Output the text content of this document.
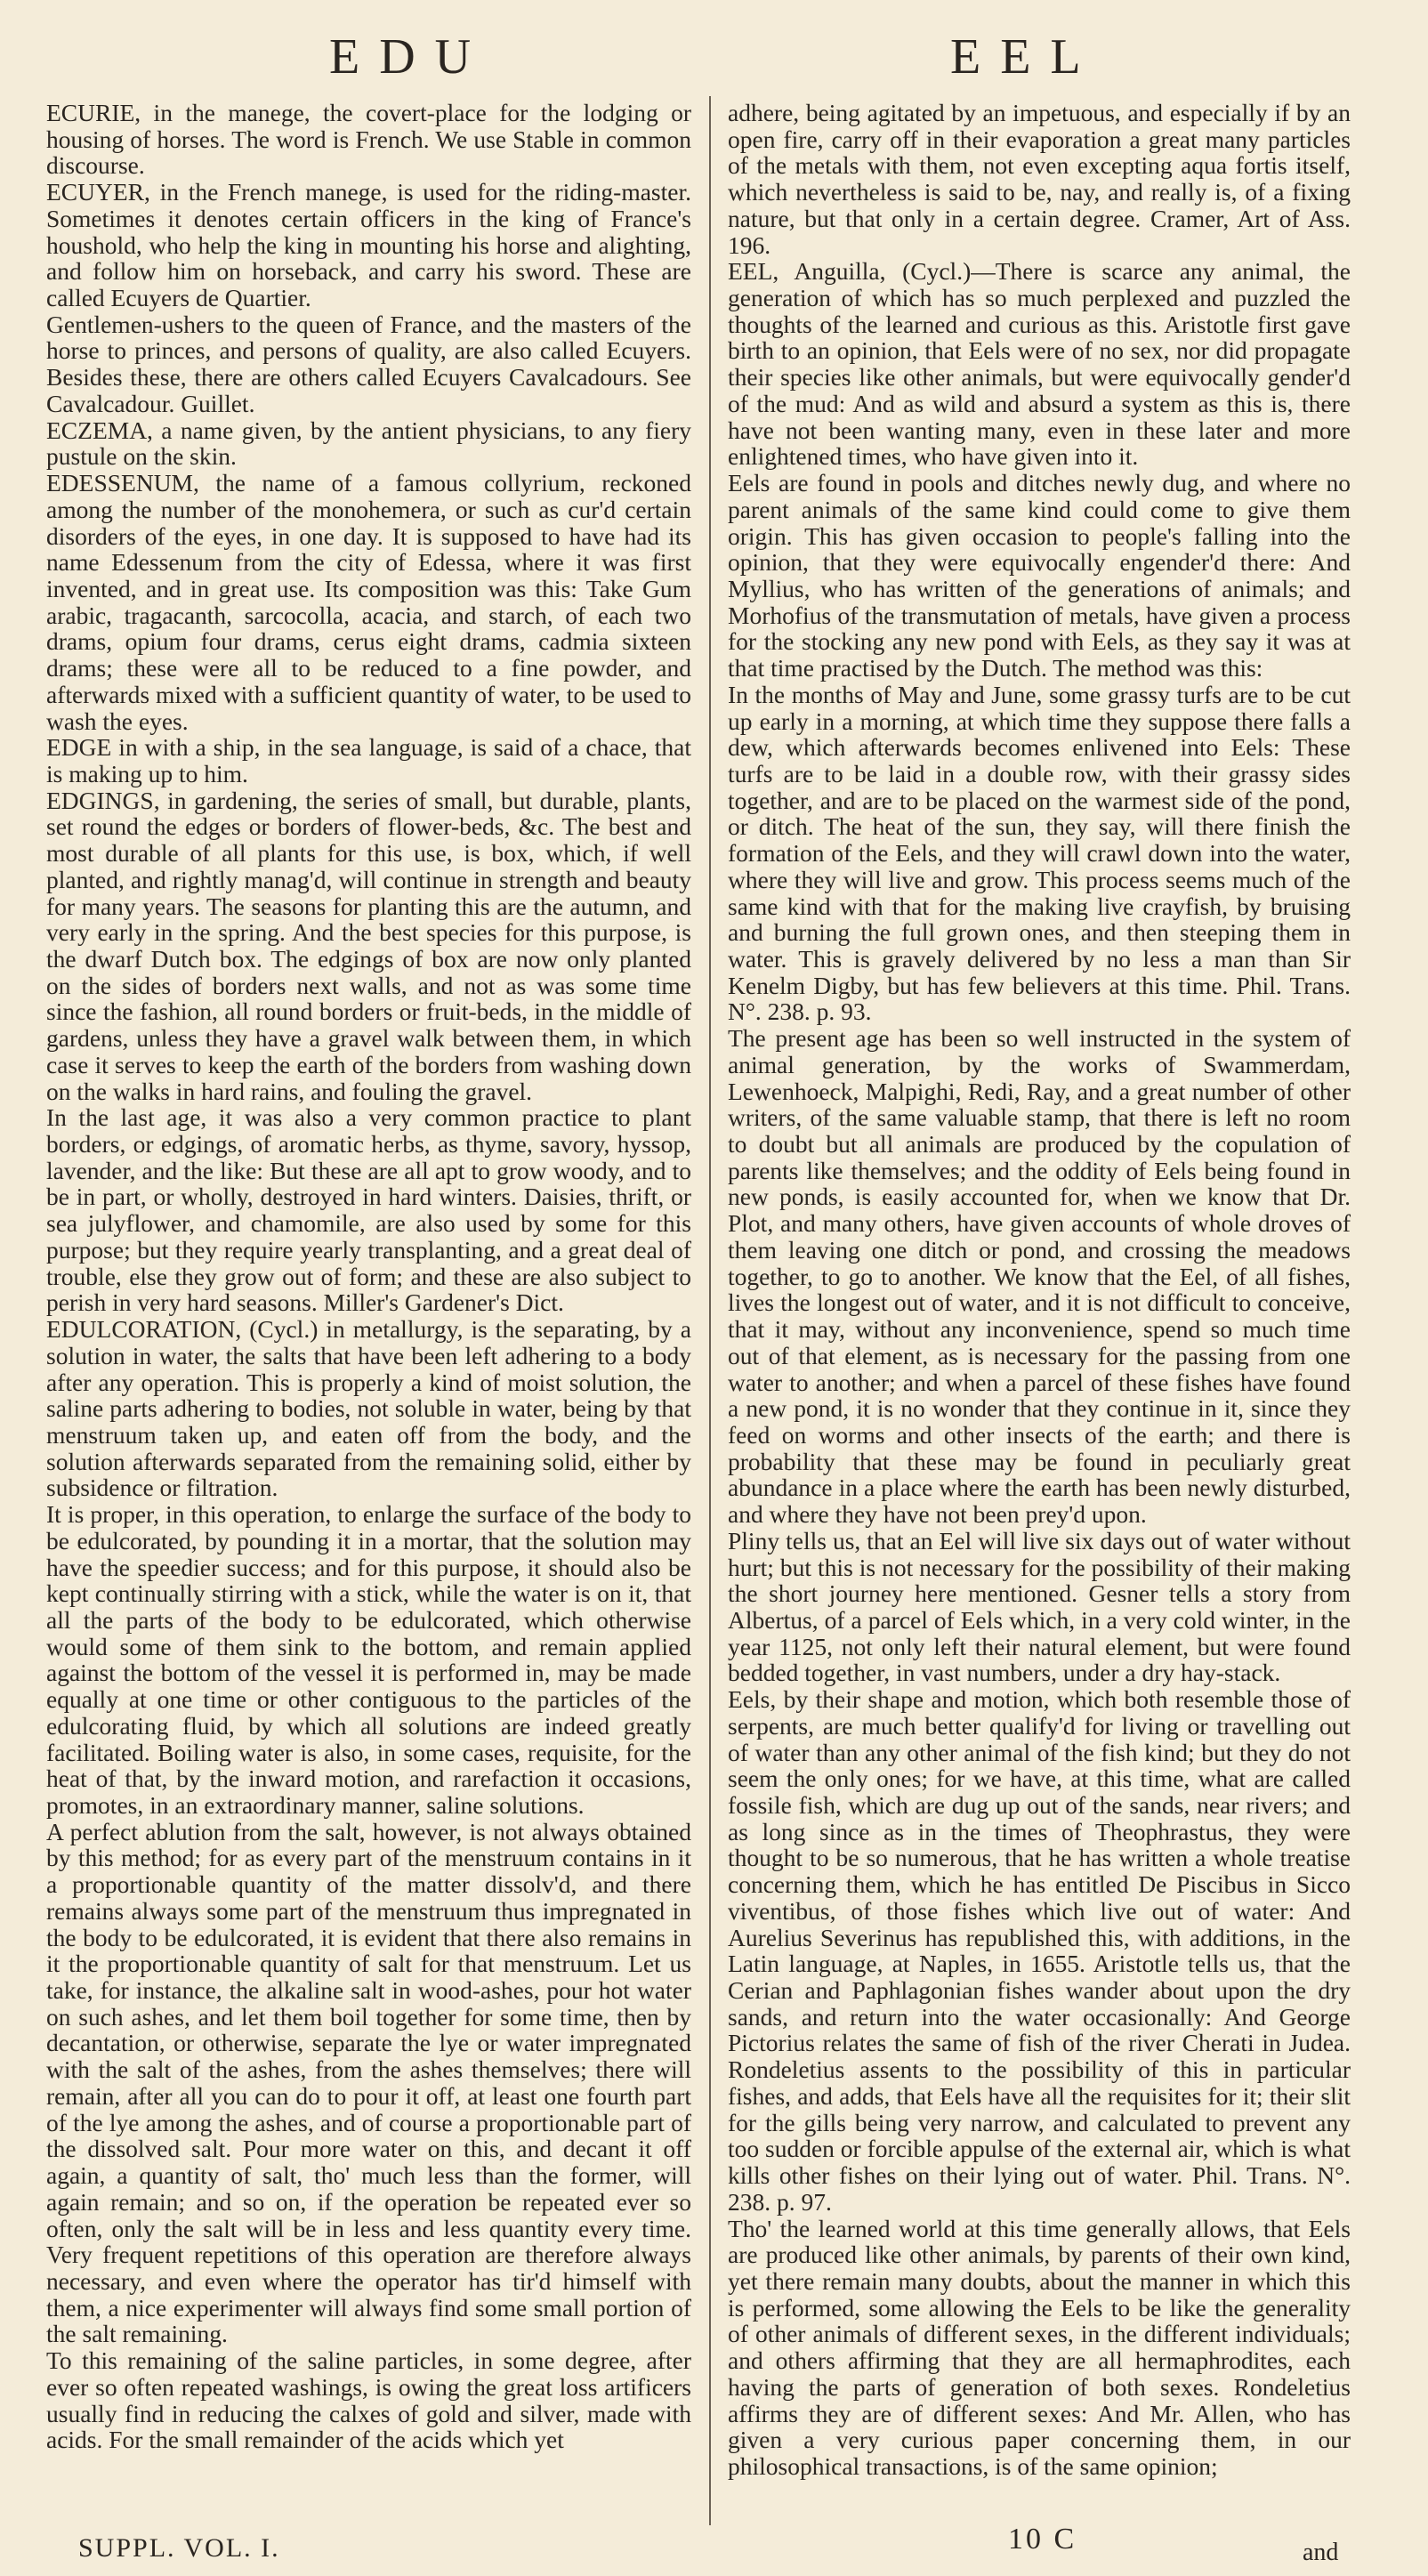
EDU	EEL

ECURIE, in the manege, the covert-place for the lodging or housing of horses. The word is French. We use Stable in common discourse.

ECUYER, in the French manege, is used for the riding-master. Sometimes it denotes certain officers in the king of France's houshold, who help the king in mounting his horse and alighting, and follow him on horseback, and carry his sword. These are called Ecuyers de Quartier.

Gentlemen-ushers to the queen of France, and the masters of the horse to princes, and persons of quality, are also called Ecuyers. Besides these, there are others called Ecuyers Cavalcadours. See Cavalcadour. Guillet.

ECZEMA, a name given, by the antient physicians, to any fiery pustule on the skin.

EDESSENUM, the name of a famous collyrium, reckoned among the number of the monohemera, or such as cur'd certain disorders of the eyes, in one day. It is supposed to have had its name Edessenum from the city of Edessa, where it was first invented, and in great use. Its composition was this: Take Gum arabic, tragacanth, sarcocolla, acacia, and starch, of each two drams, opium four drams, cerus eight drams, cadmia sixteen drams; these were all to be reduced to a fine powder, and afterwards mixed with a sufficient quantity of water, to be used to wash the eyes.

EDGE in with a ship, in the sea language, is said of a chace, that is making up to him.

EDGINGS, in gardening, the series of small, but durable, plants, set round the edges or borders of flower-beds, &c. The best and most durable of all plants for this use, is box, which, if well planted, and rightly manag'd, will continue in strength and beauty for many years. The seasons for planting this are the autumn, and very early in the spring. And the best species for this purpose, is the dwarf Dutch box. The edgings of box are now only planted on the sides of borders next walls, and not as was some time since the fashion, all round borders or fruit-beds, in the middle of gardens, unless they have a gravel walk between them, in which case it serves to keep the earth of the borders from washing down on the walks in hard rains, and fouling the gravel.

In the last age, it was also a very common practice to plant borders, or edgings, of aromatic herbs, as thyme, savory, hyssop, lavender, and the like: But these are all apt to grow woody, and to be in part, or wholly, destroyed in hard winters. Daisies, thrift, or sea julyflower, and chamomile, are also used by some for this purpose; but they require yearly transplanting, and a great deal of trouble, else they grow out of form; and these are also subject to perish in very hard seasons. Miller's Gardener's Dict.

EDULCORATION, (Cycl.) in metallurgy, is the separating, by a solution in water, the salts that have been left adhering to a body after any operation. This is properly a kind of moist solution, the saline parts adhering to bodies, not soluble in water, being by that menstruum taken up, and eaten off from the body, and the solution afterwards separated from the remaining solid, either by subsidence or filtration.

It is proper, in this operation, to enlarge the surface of the body to be edulcorated, by pounding it in a mortar, that the solution may have the speedier success; and for this purpose, it should also be kept continually stirring with a stick, while the water is on it, that all the parts of the body to be edulcorated, which otherwise would some of them sink to the bottom, and remain applied against the bottom of the vessel it is performed in, may be made equally at one time or other contiguous to the particles of the edulcorating fluid, by which all solutions are indeed greatly facilitated. Boiling water is also, in some cases, requisite, for the heat of that, by the inward motion, and rarefaction it occasions, promotes, in an extraordinary manner, saline solutions.

A perfect ablution from the salt, however, is not always obtained by this method; for as every part of the menstruum contains in it a proportionable quantity of the matter dissolv'd, and there remains always some part of the menstruum thus impregnated in the body to be edulcorated, it is evident that there also remains in it the proportionable quantity of salt for that menstruum. Let us take, for instance, the alkaline salt in wood-ashes, pour hot water on such ashes, and let them boil together for some time, then by decantation, or otherwise, separate the lye or water impregnated with the salt of the ashes, from the ashes themselves; there will remain, after all you can do to pour it off, at least one fourth part of the lye among the ashes, and of course a proportionable part of the dissolved salt. Pour more water on this, and decant it off again, a quantity of salt, tho' much less than the former, will again remain; and so on, if the operation be repeated ever so often, only the salt will be in less and less quantity every time. Very frequent repetitions of this operation are therefore always necessary, and even where the operator has tir'd himself with them, a nice experimenter will always find some small portion of the salt remaining.

To this remaining of the saline particles, in some degree, after ever so often repeated washings, is owing the great loss artificers usually find in reducing the calxes of gold and silver, made with acids. For the small remainder of the acids which yet

adhere, being agitated by an impetuous, and especially if by an open fire, carry off in their evaporation a great many particles of the metals with them, not even excepting aqua fortis itself, which nevertheless is said to be, nay, and really is, of a fixing nature, but that only in a certain degree. Cramer, Art of Ass. 196.

EEL, Anguilla, (Cycl.)—There is scarce any animal, the generation of which has so much perplexed and puzzled the thoughts of the learned and curious as this. Aristotle first gave birth to an opinion, that Eels were of no sex, nor did propagate their species like other animals, but were equivocally gender'd of the mud: And as wild and absurd a system as this is, there have not been wanting many, even in these later and more enlightened times, who have given into it.

Eels are found in pools and ditches newly dug, and where no parent animals of the same kind could come to give them origin. This has given occasion to people's falling into the opinion, that they were equivocally engender'd there: And Myllius, who has written of the generations of animals; and Morhofius of the transmutation of metals, have given a process for the stocking any new pond with Eels, as they say it was at that time practised by the Dutch. The method was this:

In the months of May and June, some grassy turfs are to be cut up early in a morning, at which time they suppose there falls a dew, which afterwards becomes enlivened into Eels: These turfs are to be laid in a double row, with their grassy sides together, and are to be placed on the warmest side of the pond, or ditch. The heat of the sun, they say, will there finish the formation of the Eels, and they will crawl down into the water, where they will live and grow. This process seems much of the same kind with that for the making live crayfish, by bruising and burning the full grown ones, and then steeping them in water. This is gravely delivered by no less a man than Sir Kenelm Digby, but has few believers at this time. Phil. Trans. N°. 238. p. 93.

The present age has been so well instructed in the system of animal generation, by the works of Swammerdam, Lewenhoeck, Malpighi, Redi, Ray, and a great number of other writers, of the same valuable stamp, that there is left no room to doubt but all animals are produced by the copulation of parents like themselves; and the oddity of Eels being found in new ponds, is easily accounted for, when we know that Dr. Plot, and many others, have given accounts of whole droves of them leaving one ditch or pond, and crossing the meadows together, to go to another. We know that the Eel, of all fishes, lives the longest out of water, and it is not difficult to conceive, that it may, without any inconvenience, spend so much time out of that element, as is necessary for the passing from one water to another; and when a parcel of these fishes have found a new pond, it is no wonder that they continue in it, since they feed on worms and other insects of the earth; and there is probability that these may be found in peculiarly great abundance in a place where the earth has been newly disturbed, and where they have not been prey'd upon.

Pliny tells us, that an Eel will live six days out of water without hurt; but this is not necessary for the possibility of their making the short journey here mentioned. Gesner tells a story from Albertus, of a parcel of Eels which, in a very cold winter, in the year 1125, not only left their natural element, but were found bedded together, in vast numbers, under a dry hay-stack.

Eels, by their shape and motion, which both resemble those of serpents, are much better qualify'd for living or travelling out of water than any other animal of the fish kind; but they do not seem the only ones; for we have, at this time, what are called fossile fish, which are dug up out of the sands, near rivers; and as long since as in the times of Theophrastus, they were thought to be so numerous, that he has written a whole treatise concerning them, which he has entitled De Piscibus in Sicco viventibus, of those fishes which live out of water: And Aurelius Severinus has republished this, with additions, in the Latin language, at Naples, in 1655. Aristotle tells us, that the Cerian and Paphlagonian fishes wander about upon the dry sands, and return into the water occasionally: And George Pictorius relates the same of fish of the river Cherati in Judea. Rondeletius assents to the possibility of this in particular fishes, and adds, that Eels have all the requisites for it; their slit for the gills being very narrow, and calculated to prevent any too sudden or forcible appulse of the external air, which is what kills other fishes on their lying out of water. Phil. Trans. N°. 238. p. 97.

Tho' the learned world at this time generally allows, that Eels are produced like other animals, by parents of their own kind, yet there remain many doubts, about the manner in which this is performed, some allowing the Eels to be like the generality of other animals of different sexes, in the different individuals; and others affirming that they are all hermaphrodites, each having the parts of generation of both sexes. Rondeletius affirms they are of different sexes: And Mr. Allen, who has given a very curious paper concerning them, in our philosophical transactions, is of the same opinion;

SUPPL. VOL. I.	10 C	and
